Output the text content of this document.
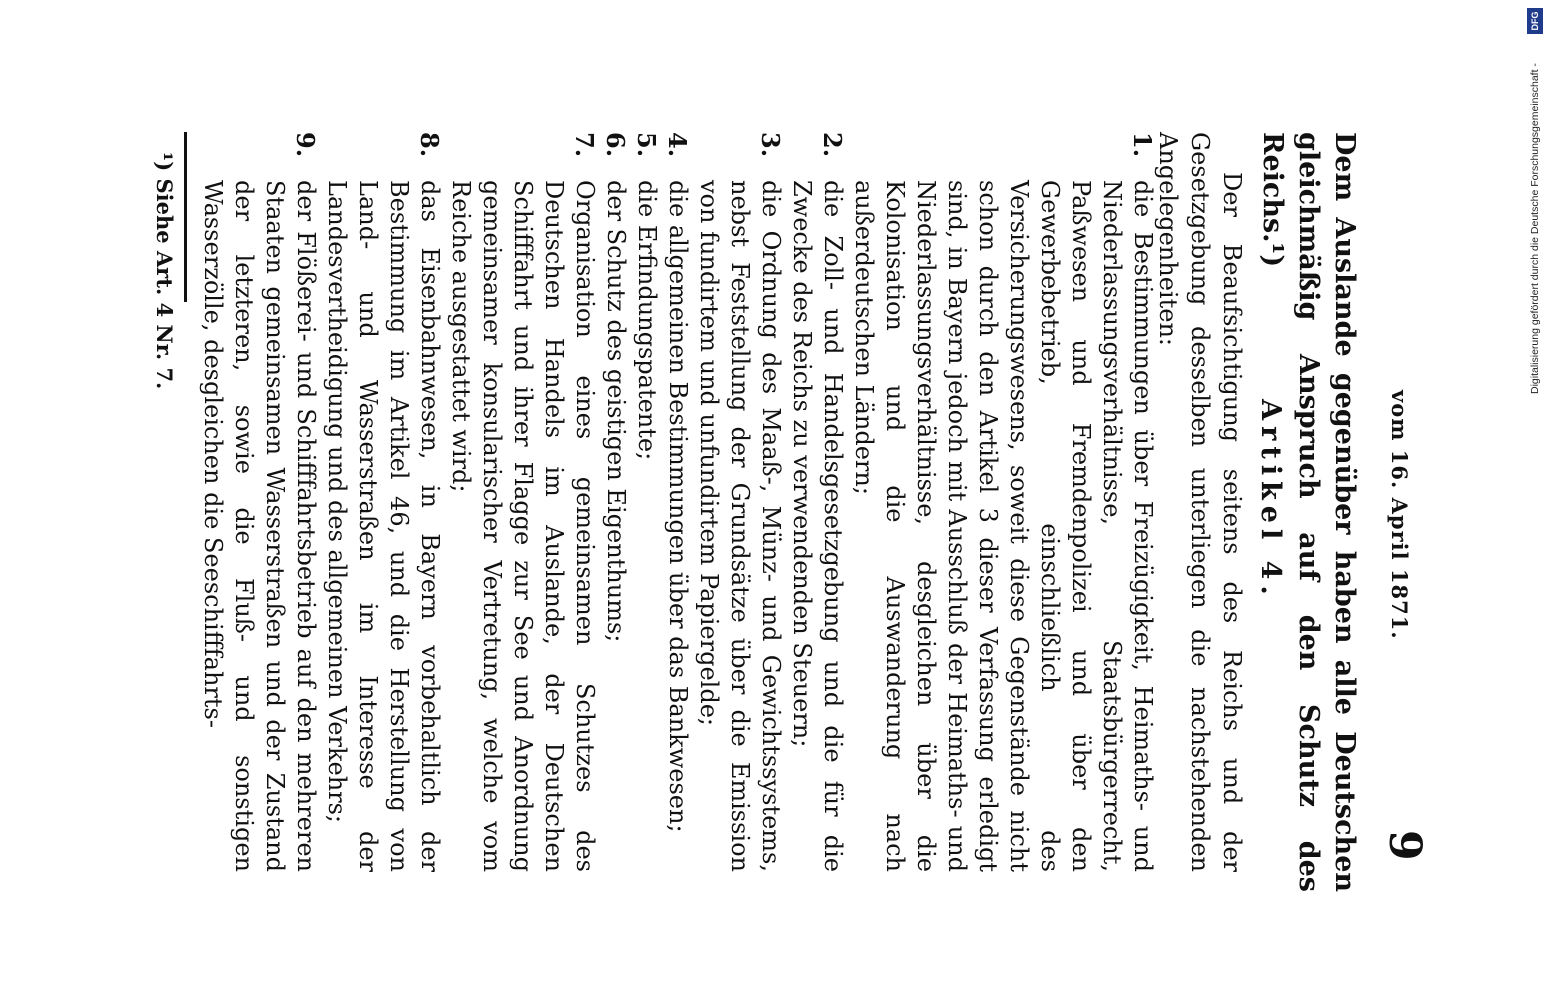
vom 16. April 1871.
9
Dem Auslande gegenüber haben alle Deutschen gleichmäßig Anspruch auf den Schutz des Reichs.¹)
Artikel 4.
Der Beaufsichtigung seitens des Reichs und der Gesetzgebung desselben unterliegen die nachstehenden Angelegenheiten:
1.
die Bestimmungen über Freizügigkeit, Heimaths- und Niederlassungsverhältnisse, Staatsbürgerrecht, Paßwesen und Fremdenpolizei und über den Gewerbebetrieb, einschließlich des Versicherungswesens, soweit diese Gegenstände nicht schon durch den Artikel 3 dieser Verfassung erledigt sind, in Bayern jedoch mit Ausschluß der Heimaths- und Niederlassungsverhältnisse, desgleichen über die Kolonisation und die Auswanderung nach außerdeutschen Ländern;
2.
die Zoll- und Handelsgesetzgebung und die für die Zwecke des Reichs zu verwendenden Steuern;
3.
die Ordnung des Maaß-, Münz- und Gewichtssystems, nebst Feststellung der Grundsätze über die Emission von fundirtem und unfundirtem Papiergelde;
4.
die allgemeinen Bestimmungen über das Bankwesen;
5.
die Erfindungspatente;
6.
der Schutz des geistigen Eigenthums;
7.
Organisation eines gemeinsamen Schutzes des Deutschen Handels im Auslande, der Deutschen Schifffahrt und ihrer Flagge zur See und Anordnung gemeinsamer konsularischer Vertretung, welche vom Reiche ausgestattet wird;
8.
das Eisenbahnwesen, in Bayern vorbehaltlich der Bestimmung im Artikel 46, und die Herstellung von Land- und Wasserstraßen im Interesse der Landesvertheidigung und des allgemeinen Verkehrs;
9.
der Flößerei- und Schifffahrtsbetrieb auf den mehreren Staaten gemeinsamen Wasserstraßen und der Zustand der letzteren, sowie die Fluß- und sonstigen Wasserzölle, desgleichen die Seeschifffahrts-
¹) Siehe Art. 4 Nr. 7.
DFG
Digitalisierung gefördert durch die Deutsche Forschungsgemeinschaft -
